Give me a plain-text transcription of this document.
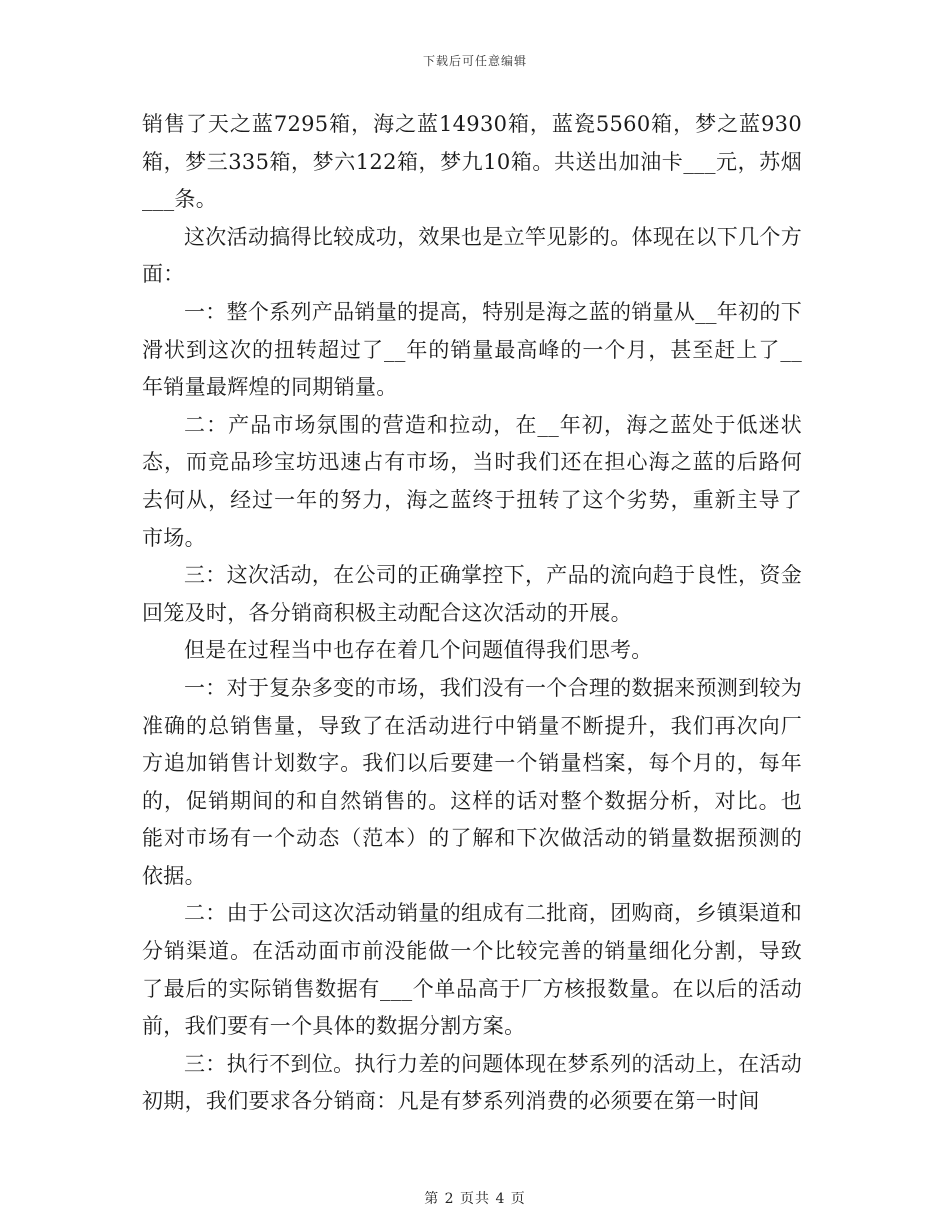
下载后可任意编辑

销售了天之蓝7295箱，海之蓝14930箱，蓝瓷5560箱，梦之蓝930箱，梦三335箱，梦六122箱，梦九10箱。共送出加油卡___元，苏烟___条。

这次活动搞得比较成功，效果也是立竿见影的。体现在以下几个方面：

一：整个系列产品销量的提高，特别是海之蓝的销量从__年初的下滑状到这次的扭转超过了__年的销量最高峰的一个月，甚至赶上了__年销量最辉煌的同期销量。

二：产品市场氛围的营造和拉动，在__年初，海之蓝处于低迷状态，而竞品珍宝坊迅速占有市场，当时我们还在担心海之蓝的后路何去何从，经过一年的努力，海之蓝终于扭转了这个劣势，重新主导了市场。

三：这次活动，在公司的正确掌控下，产品的流向趋于良性，资金回笼及时，各分销商积极主动配合这次活动的开展。

但是在过程当中也存在着几个问题值得我们思考。

一：对于复杂多变的市场，我们没有一个合理的数据来预测到较为准确的总销售量，导致了在活动进行中销量不断提升，我们再次向厂方追加销售计划数字。我们以后要建一个销量档案，每个月的，每年的，促销期间的和自然销售的。这样的话对整个数据分析，对比。也能对市场有一个动态（范本）的了解和下次做活动的销量数据预测的依据。

二：由于公司这次活动销量的组成有二批商，团购商，乡镇渠道和分销渠道。在活动面市前没能做一个比较完善的销量细化分割，导致了最后的实际销售数据有___个单品高于厂方核报数量。在以后的活动前，我们要有一个具体的数据分割方案。

三：执行不到位。执行力差的问题体现在梦系列的活动上，在活动初期，我们要求各分销商：凡是有梦系列消费的必须要在第一时间

第 2 页共 4 页
